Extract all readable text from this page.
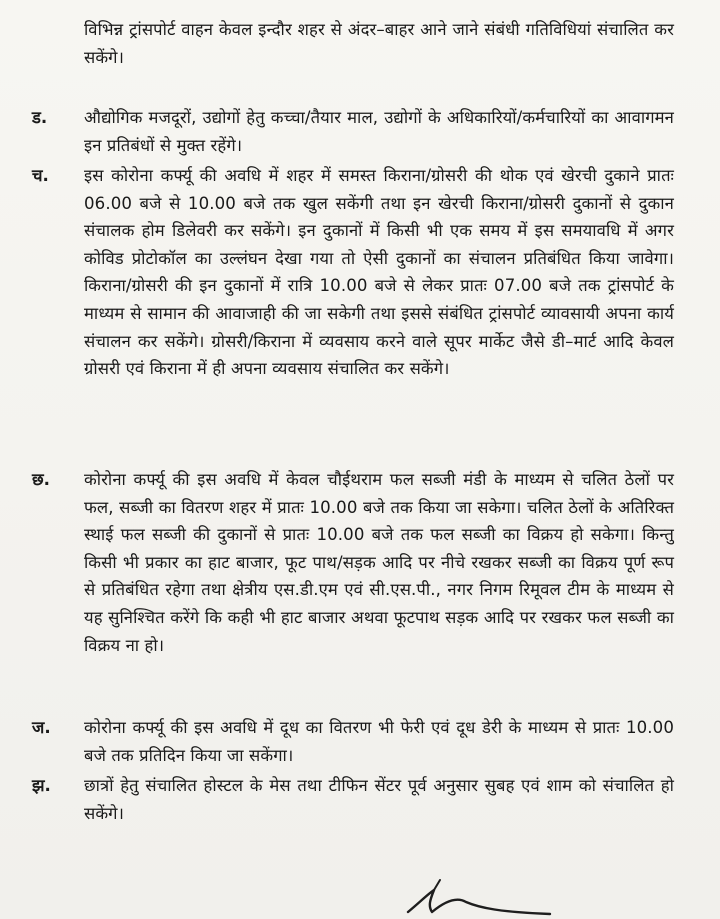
विभिन्न ट्रांसपोर्ट वाहन केवल इन्दौर शहर से अंदर–बाहर आने जाने संबंधी गतिविधियां संचालित कर सकेंगे।
ड. औद्योगिक मजदूरों, उद्योगों हेतु कच्चा/तैयार माल, उद्योगों के अधिकारियों/कर्मचारियों का आवागमन इन प्रतिबंधों से मुक्त रहेंगे।
च. इस कोरोना कर्फ्यू की अवधि में शहर में समस्त किराना/ग्रोसरी की थोक एवं खेरची दुकाने प्रातः 06.00 बजे से 10.00 बजे तक खुल सकेंगी तथा इन खेरची किराना/ग्रोसरी दुकानों से दुकान संचालक होम डिलेवरी कर सकेंगे। इन दुकानों में किसी भी एक समय में इस समयावधि में अगर कोविड प्रोटोकॉल का उल्लंघन देखा गया तो ऐसी दुकानों का संचालन प्रतिबंधित किया जावेगा। किराना/ग्रोसरी की इन दुकानों में रात्रि 10.00 बजे से लेकर प्रातः 07.00 बजे तक ट्रांसपोर्ट के माध्यम से सामान की आवाजाही की जा सकेगी तथा इससे संबंधित ट्रांसपोर्ट व्यावसायी अपना कार्य संचालन कर सकेंगे। ग्रोसरी/किराना में व्यवसाय करने वाले सूपर मार्केट जैसे डी–मार्ट आदि केवल ग्रोसरी एवं किराना में ही अपना व्यवसाय संचालित कर सकेंगे।
छ. कोरोना कर्फ्यू की इस अवधि में केवल चौईथराम फल सब्जी मंडी के माध्यम से चलित ठेलों पर फल, सब्जी का वितरण शहर में प्रातः 10.00 बजे तक किया जा सकेगा। चलित ठेलों के अतिरिक्त स्थाई फल सब्जी की दुकानों से प्रातः 10.00 बजे तक फल सब्जी का विक्रय हो सकेगा। किन्तु किसी भी प्रकार का हाट बाजार, फूट पाथ/सड़क आदि पर नीचे रखकर सब्जी का विक्रय पूर्ण रूप से प्रतिबंधित रहेगा तथा क्षेत्रीय एस.डी.एम एवं सी.एस.पी., नगर निगम रिमूवल टीम के माध्यम से यह सुनिश्चित करेंगे कि कही भी हाट बाजार अथवा फूटपाथ सड़क आदि पर रखकर फल सब्जी का विक्रय ना हो।
ज. कोरोना कर्फ्यू की इस अवधि में दूध का वितरण भी फेरी एवं दूध डेरी के माध्यम से प्रातः 10.00 बजे तक प्रतिदिन किया जा सकेंगा।
झ. छात्रों हेतु संचालित होस्टल के मेस तथा टीफिन सेंटर पूर्व अनुसार सुबह एवं शाम को संचालित हो सकेंगे।
